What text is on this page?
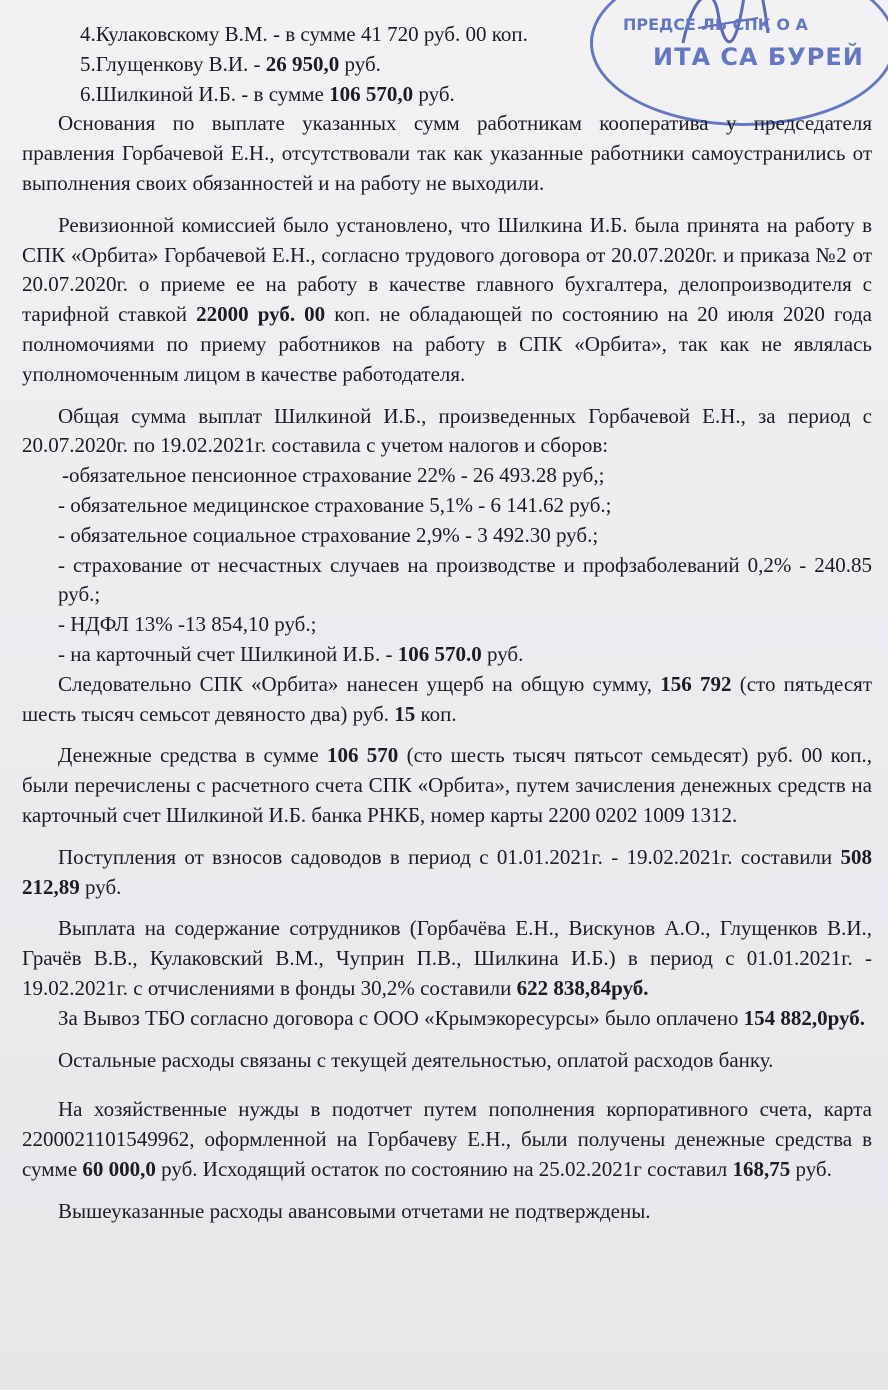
ПРЕДСЕ ЛЬ СПК О А
ИТА СА БУРЕЙ

4.Кулаковскому В.М. - в сумме 41 720 руб. 00 коп.

5.Глущенкову В.И. - 26 950,0 руб.

6.Шилкиной И.Б. - в сумме 106 570,0 руб.

Основания по выплате указанных сумм работникам кооператива у председателя правления Горбачевой Е.Н., отсутствовали так как указанные работники самоустранились от выполнения своих обязанностей и на работу не выходили.

Ревизионной комиссией было установлено, что Шилкина И.Б. была принята на работу в СПК «Орбита» Горбачевой Е.Н., согласно трудового договора от 20.07.2020г. и приказа №2 от 20.07.2020г. о приеме ее на работу в качестве главного бухгалтера, делопроизводителя с тарифной ставкой 22000 руб. 00 коп. не обладающей по состоянию на 20 июля 2020 года полномочиями по приему работников на работу в СПК «Орбита», так как не являлась уполномоченным лицом в качестве работодателя.

Общая сумма выплат Шилкиной И.Б., произведенных Горбачевой Е.Н., за период с 20.07.2020г. по 19.02.2021г. составила с учетом налогов и сборов:

-обязательное пенсионное страхование 22% - 26 493.28 руб,;

- обязательное медицинское страхование 5,1% - 6 141.62 руб.;

- обязательное социальное страхование 2,9% - 3 492.30 руб.;

- страхование от несчастных случаев на производстве и профзаболеваний 0,2% - 240.85 руб.;

- НДФЛ 13% -13 854,10 руб.;

- на карточный счет Шилкиной И.Б. - 106 570.0 руб.

Следовательно СПК «Орбита» нанесен ущерб на общую сумму, 156 792 (сто пятьдесят шесть тысяч семьсот девяносто два) руб. 15 коп.

Денежные средства в сумме 106 570 (сто шесть тысяч пятьсот семьдесят) руб. 00 коп., были перечислены с расчетного счета СПК «Орбита», путем зачисления денежных средств на карточный счет Шилкиной И.Б. банка РНКБ, номер карты 2200 0202 1009 1312.

Поступления от взносов садоводов в период с 01.01.2021г. - 19.02.2021г. составили 508 212,89 руб.

Выплата на содержание сотрудников (Горбачёва Е.Н., Вискунов А.О., Глущенков В.И., Грачёв В.В., Кулаковский В.М., Чуприн П.В., Шилкина И.Б.) в период с 01.01.2021г. - 19.02.2021г. с отчислениями в фонды 30,2% составили 622 838,84руб.

За Вывоз ТБО согласно договора с ООО «Крымэкоресурсы» было оплачено 154 882,0руб.

Остальные расходы связаны с текущей деятельностью, оплатой расходов банку.

На хозяйственные нужды в подотчет путем пополнения корпоративного счета, карта 2200021101549962, оформленной на Горбачеву Е.Н., были получены денежные средства в сумме 60 000,0 руб. Исходящий остаток по состоянию на 25.02.2021г составил 168,75 руб.

Вышеуказанные расходы авансовыми отчетами не подтверждены.
